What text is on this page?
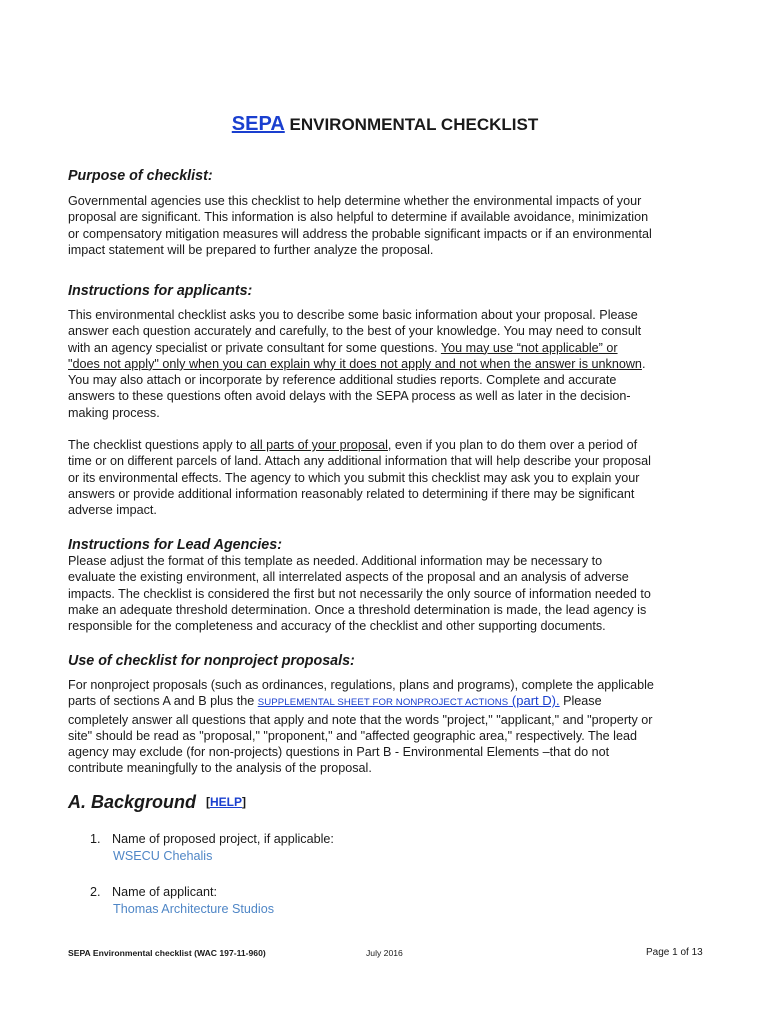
SEPA ENVIRONMENTAL CHECKLIST
Purpose of checklist:
Governmental agencies use this checklist to help determine whether the environmental impacts of your
proposal are significant. This information is also helpful to determine if available avoidance, minimization
or compensatory mitigation measures will address the probable significant impacts or if an environmental
impact statement will be prepared to further analyze the proposal.
Instructions for applicants:
This environmental checklist asks you to describe some basic information about your proposal. Please
answer each question accurately and carefully, to the best of your knowledge. You may need to consult
with an agency specialist or private consultant for some questions. You may use “not applicable” or
"does not apply" only when you can explain why it does not apply and not when the answer is unknown.
You may also attach or incorporate by reference additional studies reports. Complete and accurate
answers to these questions often avoid delays with the SEPA process as well as later in the decision-
making process.
The checklist questions apply to all parts of your proposal, even if you plan to do them over a period of
time or on different parcels of land. Attach any additional information that will help describe your proposal
or its environmental effects. The agency to which you submit this checklist may ask you to explain your
answers or provide additional information reasonably related to determining if there may be significant
adverse impact.
Instructions for Lead Agencies:
Please adjust the format of this template as needed. Additional information may be necessary to
evaluate the existing environment, all interrelated aspects of the proposal and an analysis of adverse
impacts. The checklist is considered the first but not necessarily the only source of information needed to
make an adequate threshold determination. Once a threshold determination is made, the lead agency is
responsible for the completeness and accuracy of the checklist and other supporting documents.
Use of checklist for nonproject proposals:
For nonproject proposals (such as ordinances, regulations, plans and programs), complete the applicable
parts of sections A and B plus the SUPPLEMENTAL SHEET FOR NONPROJECT ACTIONS (part D). Please
completely answer all questions that apply and note that the words "project," "applicant," and "property or
site" should be read as "proposal," "proponent," and "affected geographic area," respectively. The lead
agency may exclude (for non-projects) questions in Part B - Environmental Elements –that do not
contribute meaningfully to the analysis of the proposal.
A. Background [HELP]
1. Name of proposed project, if applicable:
WSECU Chehalis
2. Name of applicant:
Thomas Architecture Studios
SEPA Environmental checklist (WAC 197-11-960)	July 2016	Page 1 of 13
